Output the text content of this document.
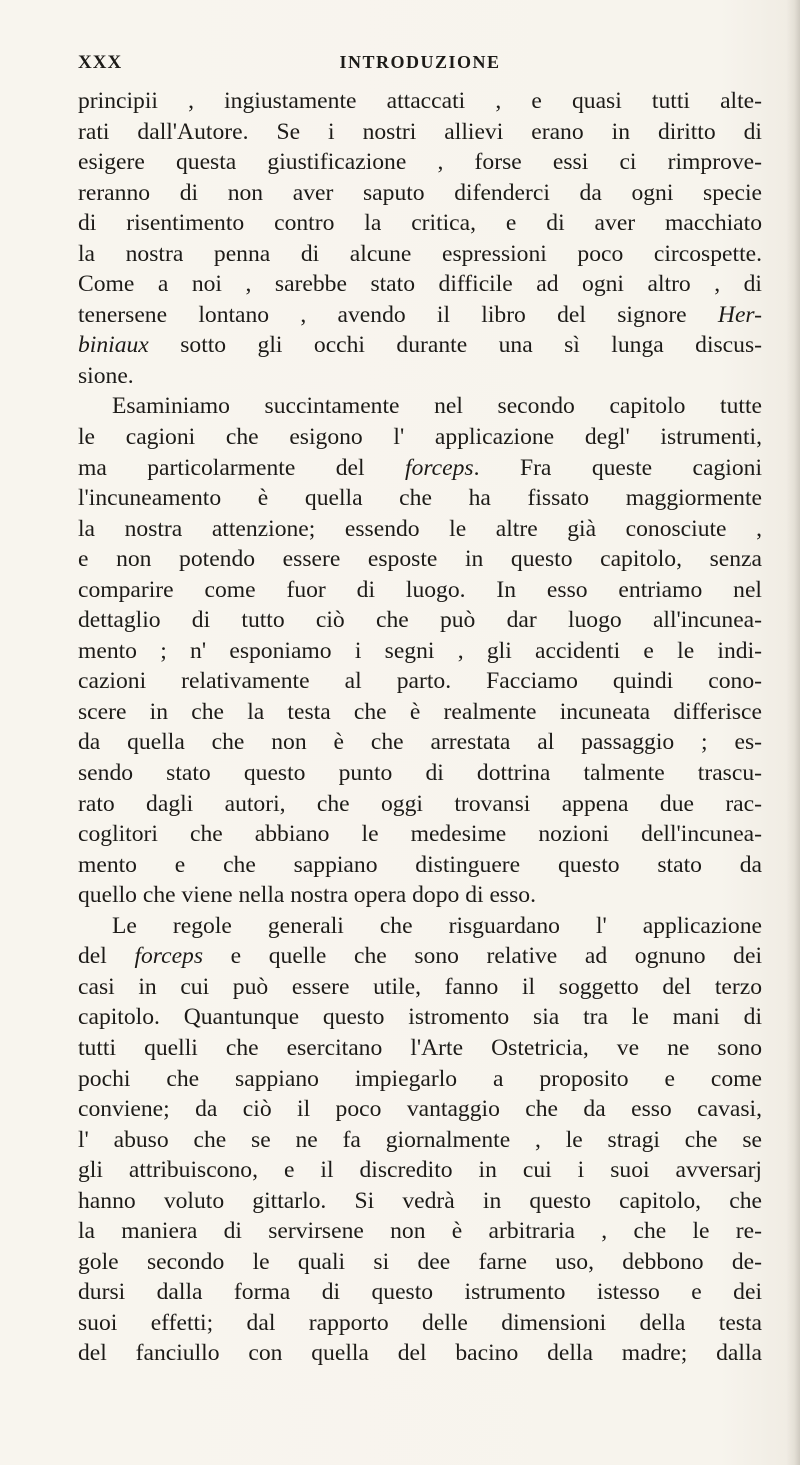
XXX	INTRODUZIONE
principii , ingiustamente attaccati , e quasi tutti alte-
rati dall'Autore. Se i nostri allievi erano in diritto di
esigere questa giustificazione , forse essi ci rimprove-
reranno di non aver saputo difenderci da ogni specie
di risentimento contro la critica, e di aver macchiato
la nostra penna di alcune espressioni poco circospette.
Come a noi , sarebbe stato difficile ad ogni altro , di
tenersene lontano , avendo il libro del signore Her-
biniaux sotto gli occhi durante una sì lunga discus-
sione.
Esaminiamo succintamente nel secondo capitolo tutte
le cagioni che esigono l' applicazione degl' istrumenti,
ma particolarmente del forceps. Fra queste cagioni
l'incuneamento è quella che ha fissato maggiormente
la nostra attenzione; essendo le altre già conosciute ,
e non potendo essere esposte in questo capitolo, senza
comparire come fuor di luogo. In esso entriamo nel
dettaglio di tutto ciò che può dar luogo all'incunea-
mento ; n' esponiamo i segni , gli accidenti e le indi-
cazioni relativamente al parto. Facciamo quindi cono-
scere in che la testa che è realmente incuneata differisce
da quella che non è che arrestata al passaggio ; es-
sendo stato questo punto di dottrina talmente trascu-
rato dagli autori, che oggi trovansi appena due rac-
coglitori che abbiano le medesime nozioni dell'incunea-
mento e che sappiano distinguere questo stato da
quello che viene nella nostra opera dopo di esso.
Le regole generali che risguardano l' applicazione
del forceps e quelle che sono relative ad ognuno dei
casi in cui può essere utile, fanno il soggetto del terzo
capitolo. Quantunque questo istromento sia tra le mani di
tutti quelli che esercitano l'Arte Ostetricia, ve ne sono
pochi che sappiano impiegarlo a proposito e come
conviene; da ciò il poco vantaggio che da esso cavasi,
l' abuso che se ne fa giornalmente , le stragi che se
gli attribuiscono, e il discredito in cui i suoi avversarj
hanno voluto gittarlo. Si vedrà in questo capitolo, che
la maniera di servirsene non è arbitraria , che le re-
gole secondo le quali si dee farne uso, debbono de-
dursi dalla forma di questo istrumento istesso e dei
suoi effetti; dal rapporto delle dimensioni della testa
del fanciullo con quella del bacino della madre; dalla
